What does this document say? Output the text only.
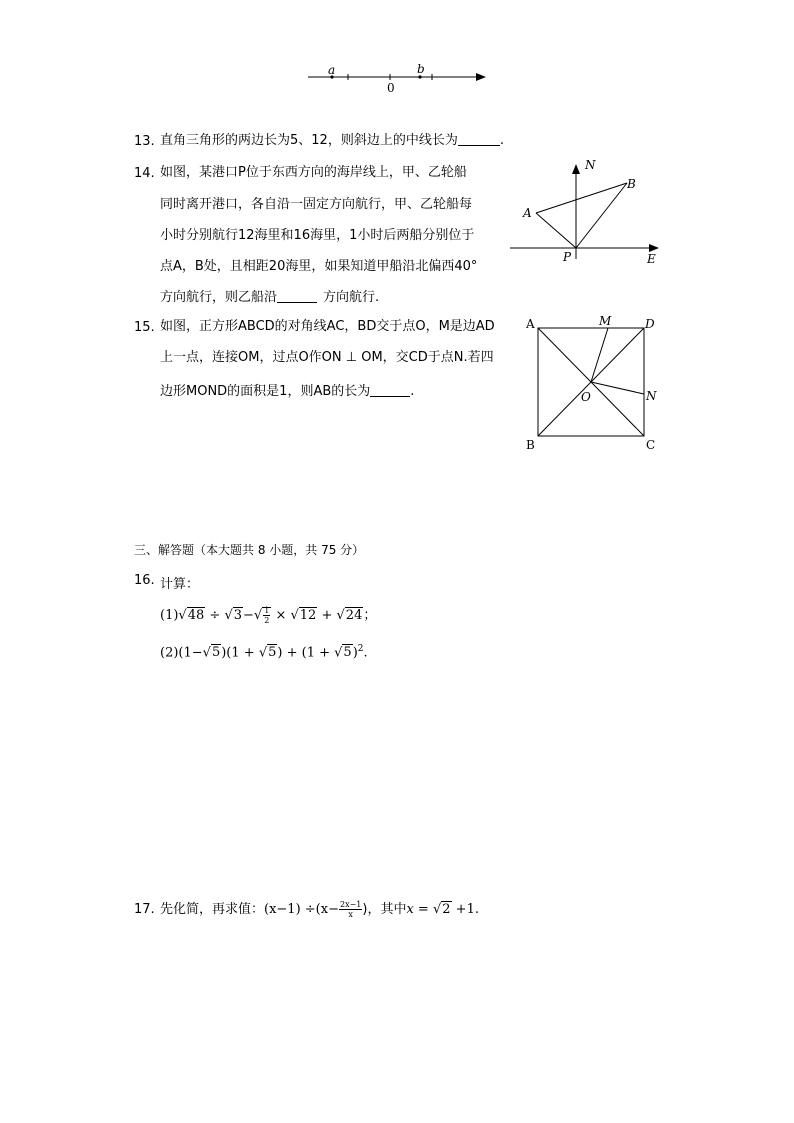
a	b
0
13. 直角三角形的两边长为5、12，则斜边上的中线长为	.
14. 如图，某港口P位于东西方向的海岸线上，甲、乙轮船
同时离开港口，各自沿一固定方向航行，甲、乙轮船每
小时分别航行12海里和16海里，1小时后两船分别位于
点A，B处，且相距20海里，如果知道甲船沿北偏西40°
方向航行，则乙船沿	方向航行.
N
B
A
P	E
15. 如图，正方形ABCD的对角线AC，BD交于点O，M是边AD
上一点，连接OM，过点O作ON ⊥ OM，交CD于点N.若四
边形MOND的面积是1，则AB的长为	.
A	M	D
N
O
B	C
三、解答题（本大题共 8 小题，共 75 分）
16. 计算：
$(1)√48 \div √3-√ \frac{1}{2} \times √12 + √24$；
$(2)(1-√5)(1 + √5) + (1 + √5)^2$.
17. 先化简，再求值：$(x-1) \div(x- \frac{2x-1}{x}$ )，其中x = √2 +1.
